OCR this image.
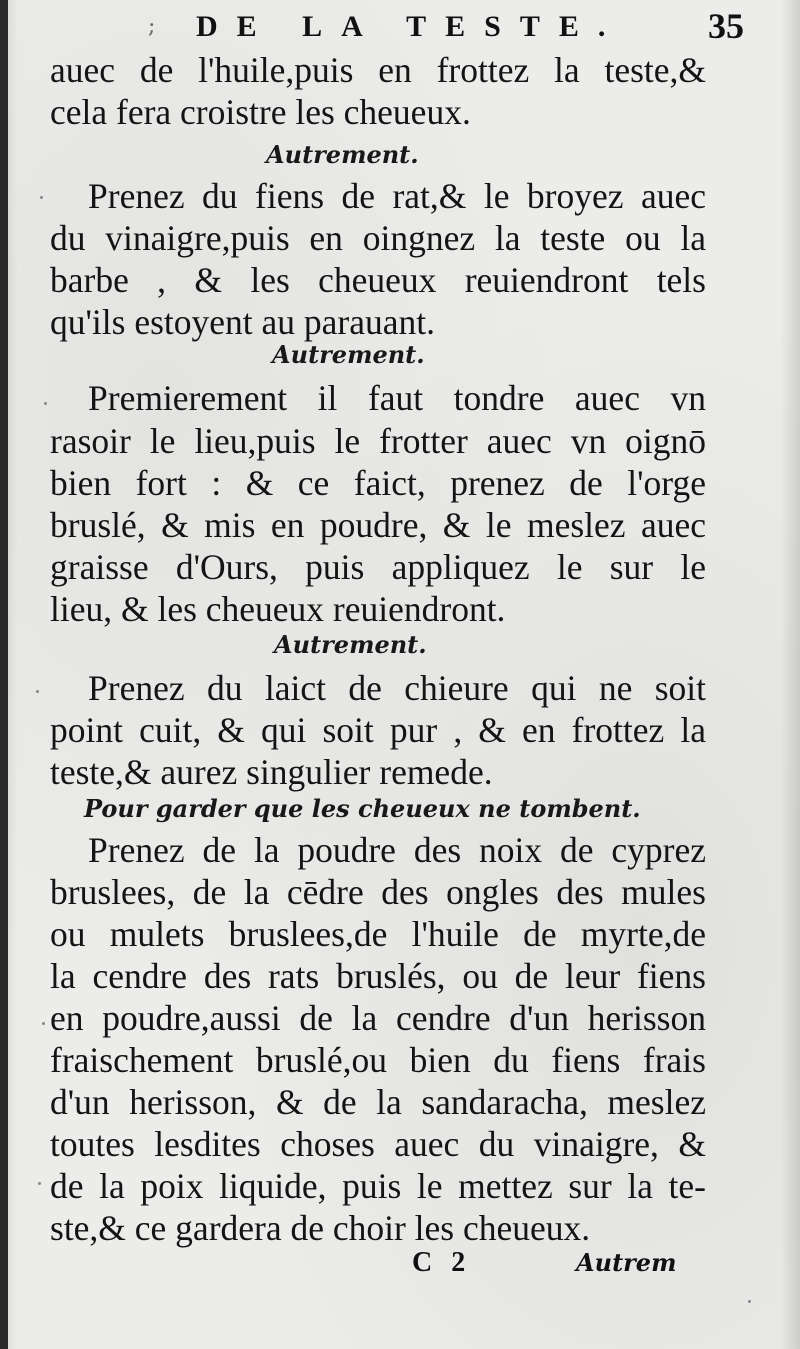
; DE LA TESTE. 35
auec de l'huile,puis en frottez la teste,&
cela fera croistre les cheueux.
Autrement.
Prenez du fiens de rat,& le broyez auec
du vinaigre,puis en oingnez la teste ou la
barbe , & les cheueux reuiendront tels
qu'ils estoyent au parauant.
Autrement.
Premierement il faut tondre auec vn
rasoir le lieu,puis le frotter auec vn oignō
bien fort : & ce faict, prenez de l'orge
bruslé, & mis en poudre, & le meslez auec
graisse d'Ours, puis appliquez le sur le
lieu, & les cheueux reuiendront.
Autrement.
Prenez du laict de chieure qui ne soit
point cuit, & qui soit pur , & en frottez la
teste,& aurez singulier remede.
Pour garder que les cheueux ne tombent.
Prenez de la poudre des noix de cyprez
bruslees, de la cēdre des ongles des mules
ou mulets bruslees,de l'huile de myrte,de
la cendre des rats bruslés, ou de leur fiens
en poudre,aussi de la cendre d'un herisson
fraischement bruslé,ou bien du fiens frais
d'un herisson, & de la sandaracha, meslez
toutes lesdites choses auec du vinaigre, &
de la poix liquide, puis le mettez sur la te-
ste,& ce gardera de choir les cheueux.
C 2	Autrem
